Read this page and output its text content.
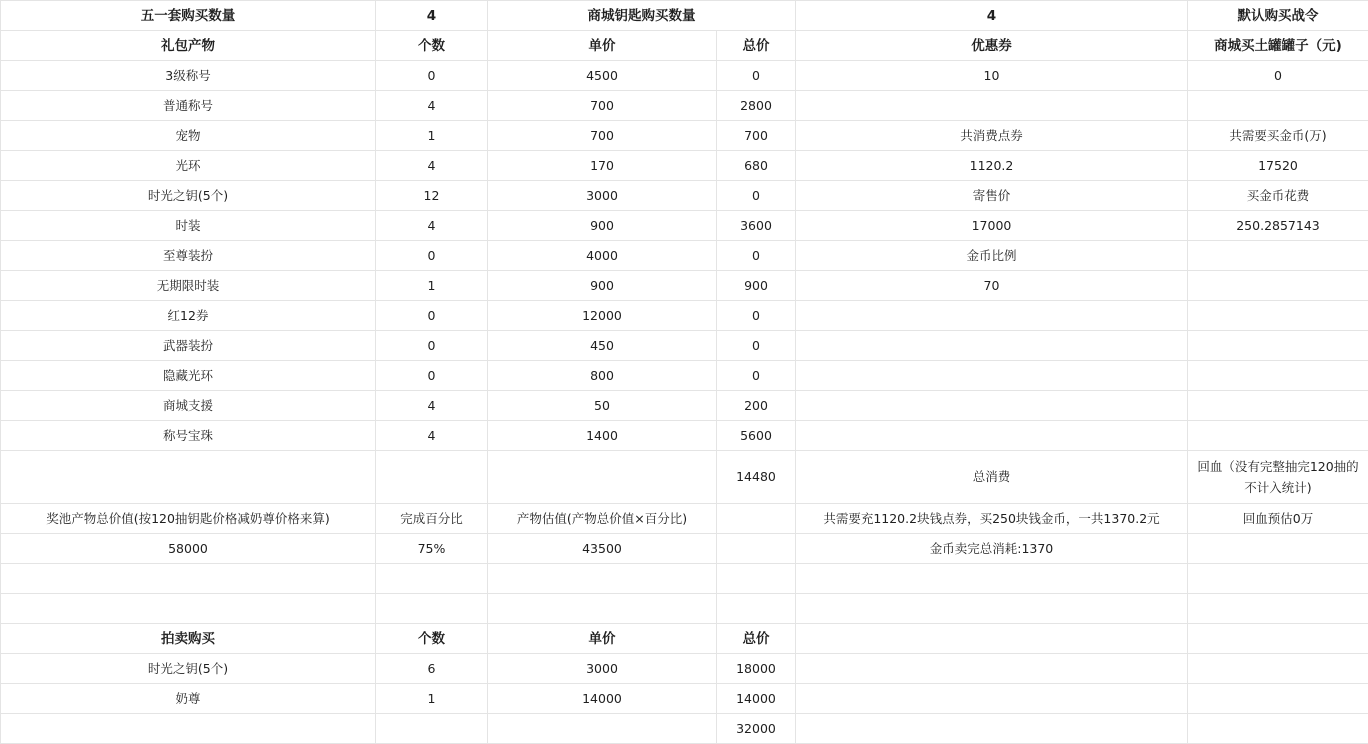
五一套购买数量	4	商城钥匙购买数量		4	默认购买战令
礼包产物	个数	单价	总价	优惠券	商城买土罐罐子（元)
3级称号	0	4500	0	10	0
普通称号	4	700	2800		
宠物	1	700	700	共消费点券	共需要买金币(万)
光环	4	170	680	1120.2	17520
时光之钥(5个)	12	3000	0	寄售价	买金币花费
时装	4	900	3600	17000	250.2857143
至尊装扮	0	4000	0	金币比例	
无期限时装	1	900	900	70	
红12券	0	12000	0		
武器装扮	0	450	0		
隐藏光环	0	800	0		
商城支援	4	50	200		
称号宝珠	4	1400	5600		
			14480	总消费	回血（没有完整抽完120抽的不计入统计)
奖池产物总价值(按120抽钥匙价格减奶尊价格来算)	完成百分比	产物估值(产物总价值×百分比)		共需要充1120.2块钱点券，买250块钱金币，一共1370.2元	回血预估0万
58000	75%	43500		金币卖完总消耗:1370	

拍卖购买	个数	单价	总价		
时光之钥(5个)	6	3000	18000		
奶尊	1	14000	14000		
			32000		
